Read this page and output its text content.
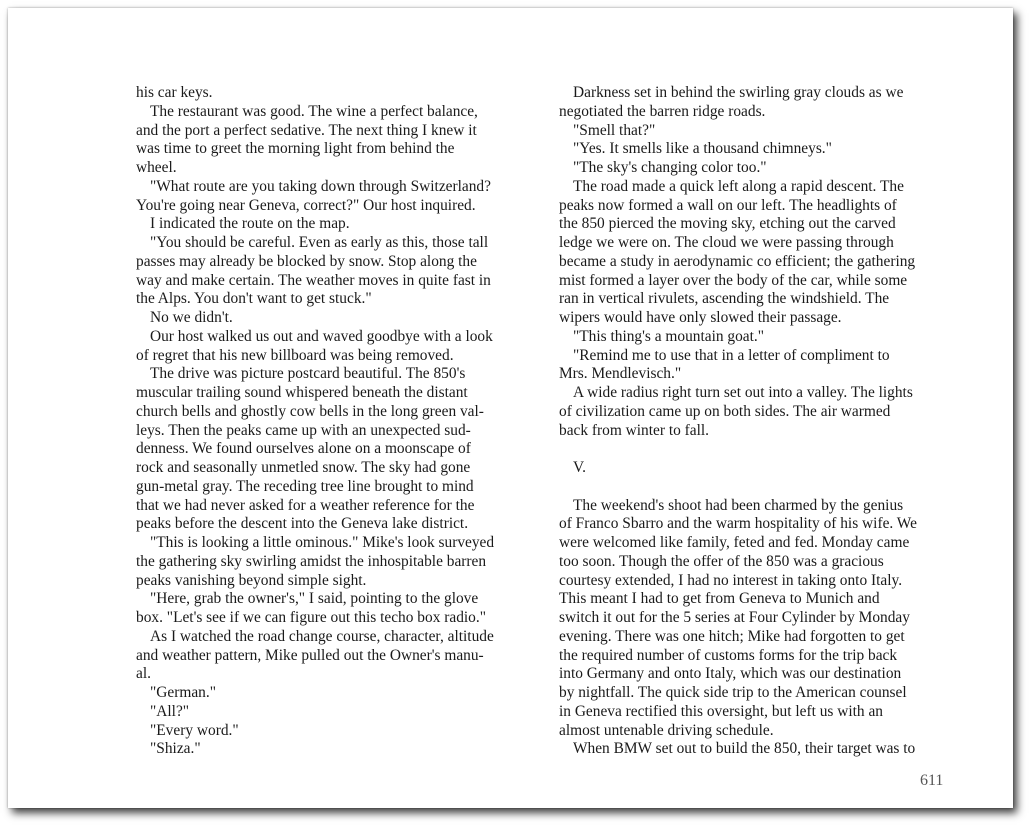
his car keys.
The restaurant was good. The wine a perfect balance,
and the port a perfect sedative. The next thing I knew it
was time to greet the morning light from behind the
wheel.
"What route are you taking down through Switzerland?
You're going near Geneva, correct?" Our host inquired.
I indicated the route on the map.
"You should be careful. Even as early as this, those tall
passes may already be blocked by snow. Stop along the
way and make certain. The weather moves in quite fast in
the Alps. You don't want to get stuck."
No we didn't.
Our host walked us out and waved goodbye with a look
of regret that his new billboard was being removed.
The drive was picture postcard beautiful. The 850's
muscular trailing sound whispered beneath the distant
church bells and ghostly cow bells in the long green val-
leys. Then the peaks came up with an unexpected sud-
denness. We found ourselves alone on a moonscape of
rock and seasonally unmetled snow. The sky had gone
gun-metal gray. The receding tree line brought to mind
that we had never asked for a weather reference for the
peaks before the descent into the Geneva lake district.
"This is looking a little ominous." Mike's look surveyed
the gathering sky swirling amidst the inhospitable barren
peaks vanishing beyond simple sight.
"Here, grab the owner's," I said, pointing to the glove
box. "Let's see if we can figure out this techo box radio."
As I watched the road change course, character, altitude
and weather pattern, Mike pulled out the Owner's manu-
al.
"German."
"All?"
"Every word."
"Shiza."
Darkness set in behind the swirling gray clouds as we
negotiated the barren ridge roads.
"Smell that?"
"Yes. It smells like a thousand chimneys."
"The sky's changing color too."
The road made a quick left along a rapid descent. The
peaks now formed a wall on our left. The headlights of
the 850 pierced the moving sky, etching out the carved
ledge we were on. The cloud we were passing through
became a study in aerodynamic co efficient; the gathering
mist formed a layer over the body of the car, while some
ran in vertical rivulets, ascending the windshield. The
wipers would have only slowed their passage.
"This thing's a mountain goat."
"Remind me to use that in a letter of compliment to
Mrs. Mendlevisch."
A wide radius right turn set out into a valley. The lights
of civilization came up on both sides. The air warmed
back from winter to fall.
V.
The weekend's shoot had been charmed by the genius
of Franco Sbarro and the warm hospitality of his wife. We
were welcomed like family, feted and fed. Monday came
too soon. Though the offer of the 850 was a gracious
courtesy extended, I had no interest in taking onto Italy.
This meant I had to get from Geneva to Munich and
switch it out for the 5 series at Four Cylinder by Monday
evening. There was one hitch; Mike had forgotten to get
the required number of customs forms for the trip back
into Germany and onto Italy, which was our destination
by nightfall. The quick side trip to the American counsel
in Geneva rectified this oversight, but left us with an
almost untenable driving schedule.
When BMW set out to build the 850, their target was to
611
